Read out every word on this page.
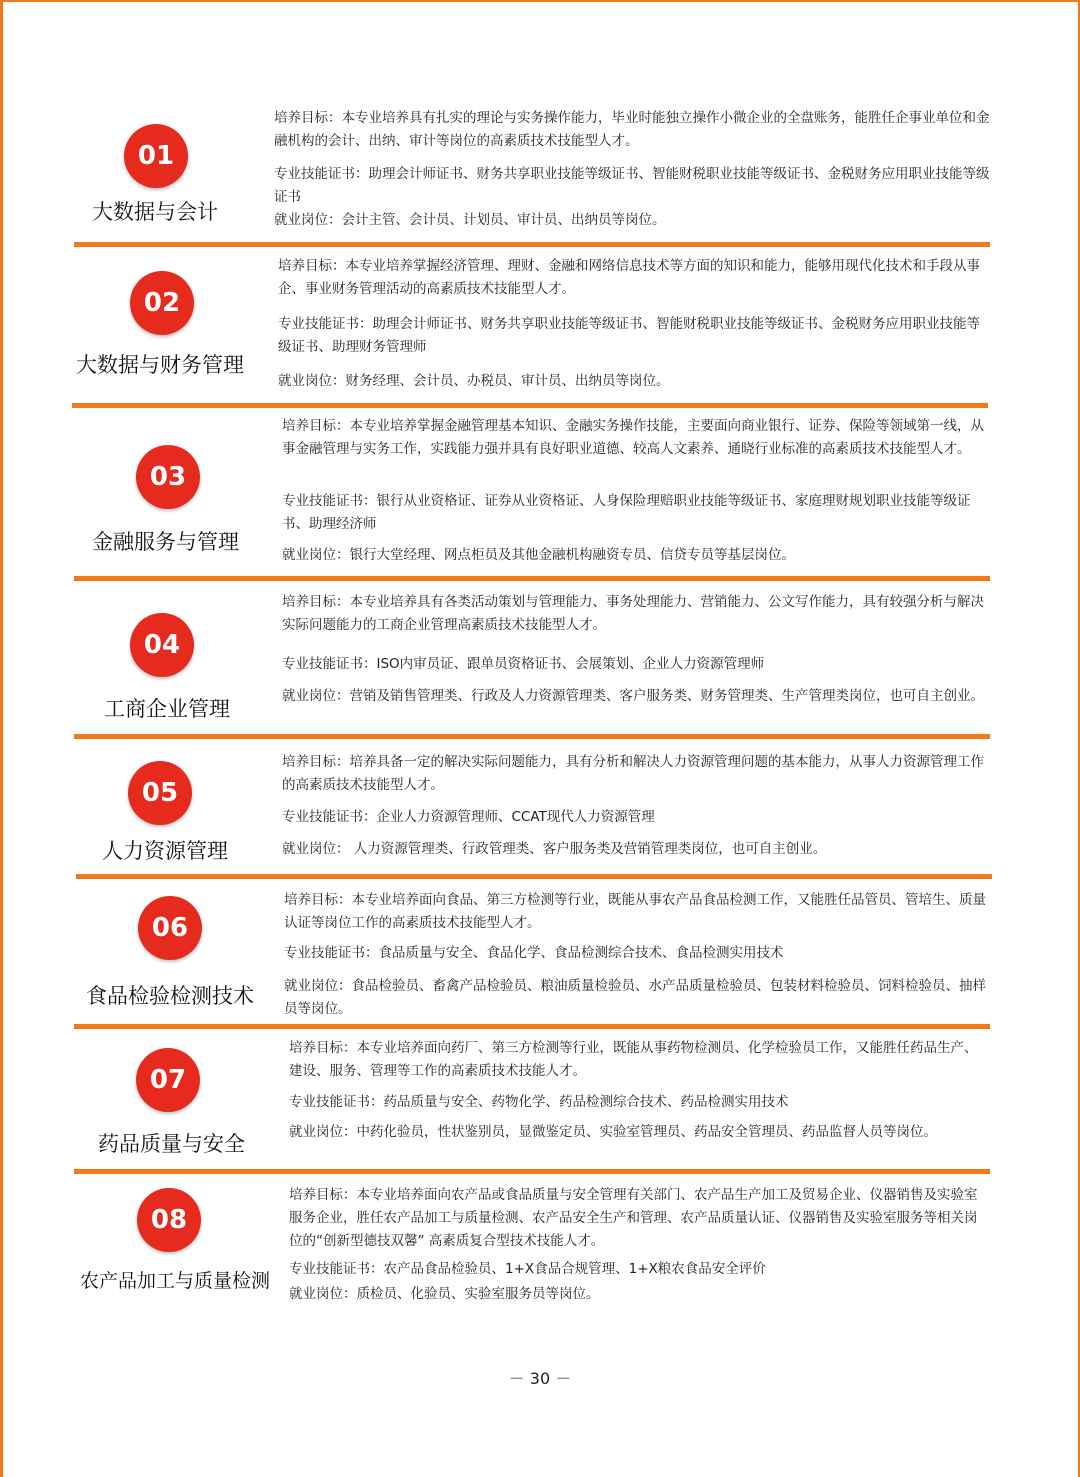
01
大数据与会计
培养目标：本专业培养具有扎实的理论与实务操作能力，毕业时能独立操作小微企业的全盘账务，能胜任企事业单位和金融机构的会计、出纳、审计等岗位的高素质技术技能型人才。
专业技能证书：助理会计师证书、财务共享职业技能等级证书、智能财税职业技能等级证书、金税财务应用职业技能等级证书
就业岗位：会计主管、会计员、计划员、审计员、出纳员等岗位。
02
大数据与财务管理
培养目标：本专业培养掌握经济管理、理财、金融和网络信息技术等方面的知识和能力，能够用现代化技术和手段从事企、事业财务管理活动的高素质技术技能型人才。
专业技能证书：助理会计师证书、财务共享职业技能等级证书、智能财税职业技能等级证书、金税财务应用职业技能等级证书、助理财务管理师
就业岗位：财务经理、会计员、办税员、审计员、出纳员等岗位。
03
金融服务与管理
培养目标：本专业培养掌握金融管理基本知识、金融实务操作技能，主要面向商业银行、证券、保险等领域第一线，从事金融管理与实务工作，实践能力强并具有良好职业道德、较高人文素养、通晓行业标准的高素质技术技能型人才。
专业技能证书：银行从业资格证、证券从业资格证、人身保险理赔职业技能等级证书、家庭理财规划职业技能等级证书、助理经济师
就业岗位：银行大堂经理、网点柜员及其他金融机构融资专员、信贷专员等基层岗位。
04
工商企业管理
培养目标：本专业培养具有各类活动策划与管理能力、事务处理能力、营销能力、公文写作能力，具有较强分析与解决实际问题能力的工商企业管理高素质技术技能型人才。
专业技能证书：ISO内审员证、跟单员资格证书、会展策划、企业人力资源管理师
就业岗位：营销及销售管理类、行政及人力资源管理类、客户服务类、财务管理类、生产管理类岗位，也可自主创业。
05
人力资源管理
培养目标：培养具备一定的解决实际问题能力，具有分析和解决人力资源管理问题的基本能力，从事人力资源管理工作的高素质技术技能型人才。
专业技能证书：企业人力资源管理师、CCAT现代人力资源管理
就业岗位： 人力资源管理类、行政管理类、客户服务类及营销管理类岗位，也可自主创业。
06
食品检验检测技术
培养目标：本专业培养面向食品、第三方检测等行业，既能从事农产品食品检测工作，又能胜任品管员、管培生、质量认证等岗位工作的高素质技术技能型人才。
专业技能证书：食品质量与安全、食品化学、食品检测综合技术、食品检测实用技术
就业岗位：食品检验员、畜禽产品检验员、粮油质量检验员、水产品质量检验员、包装材料检验员、饲料检验员、抽样员等岗位。
07
药品质量与安全
培养目标：本专业培养面向药厂、第三方检测等行业，既能从事药物检测员、化学检验员工作，又能胜任药品生产、建设、服务、管理等工作的高素质技术技能人才。
专业技能证书：药品质量与安全、药物化学、药品检测综合技术、药品检测实用技术
就业岗位：中药化验员，性状鉴别员，显微鉴定员、实验室管理员、药品安全管理员、药品监督人员等岗位。
08
农产品加工与质量检测
培养目标：本专业培养面向农产品或食品质量与安全管理有关部门、农产品生产加工及贸易企业、仪器销售及实验室服务企业，胜任农产品加工与质量检测、农产品安全生产和管理、农产品质量认证、仪器销售及实验室服务等相关岗位的“创新型德技双馨” 高素质复合型技术技能人才。
专业技能证书：农产品食品检验员、1+X食品合规管理、1+X粮农食品安全评价
就业岗位：质检员、化验员、实验室服务员等岗位。
－ 30 －
